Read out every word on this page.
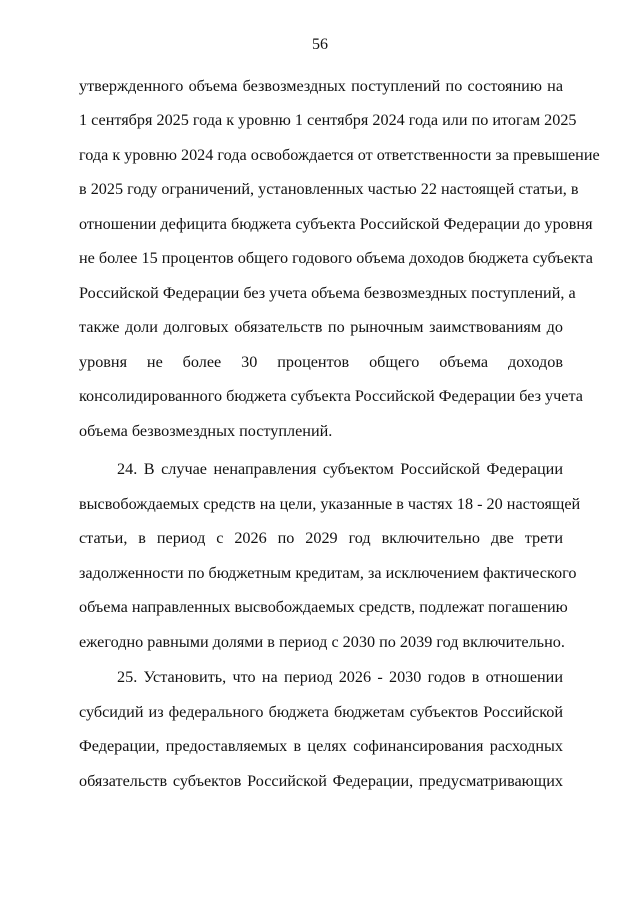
56
утвержденного объема безвозмездных поступлений по состоянию на
1 сентября 2025 года к уровню 1 сентября 2024 года или по итогам 2025
года к уровню 2024 года освобождается от ответственности за превышение
в 2025 году ограничений, установленных частью 22 настоящей статьи, в
отношении дефицита бюджета субъекта Российской Федерации до уровня
не более 15 процентов общего годового объема доходов бюджета субъекта
Российской Федерации без учета объема безвозмездных поступлений, а
также доли долговых обязательств по рыночным заимствованиям до
уровня не более 30 процентов общего объема доходов
консолидированного бюджета субъекта Российской Федерации без учета
объема безвозмездных поступлений.
24. В случае ненаправления субъектом Российской Федерации
высвобождаемых средств на цели, указанные в частях 18 - 20 настоящей
статьи, в период с 2026 по 2029 год включительно две трети
задолженности по бюджетным кредитам, за исключением фактического
объема направленных высвобождаемых средств, подлежат погашению
ежегодно равными долями в период с 2030 по 2039 год включительно.
25. Установить, что на период 2026 - 2030 годов в отношении
субсидий из федерального бюджета бюджетам субъектов Российской
Федерации, предоставляемых в целях софинансирования расходных
обязательств субъектов Российской Федерации, предусматривающих
